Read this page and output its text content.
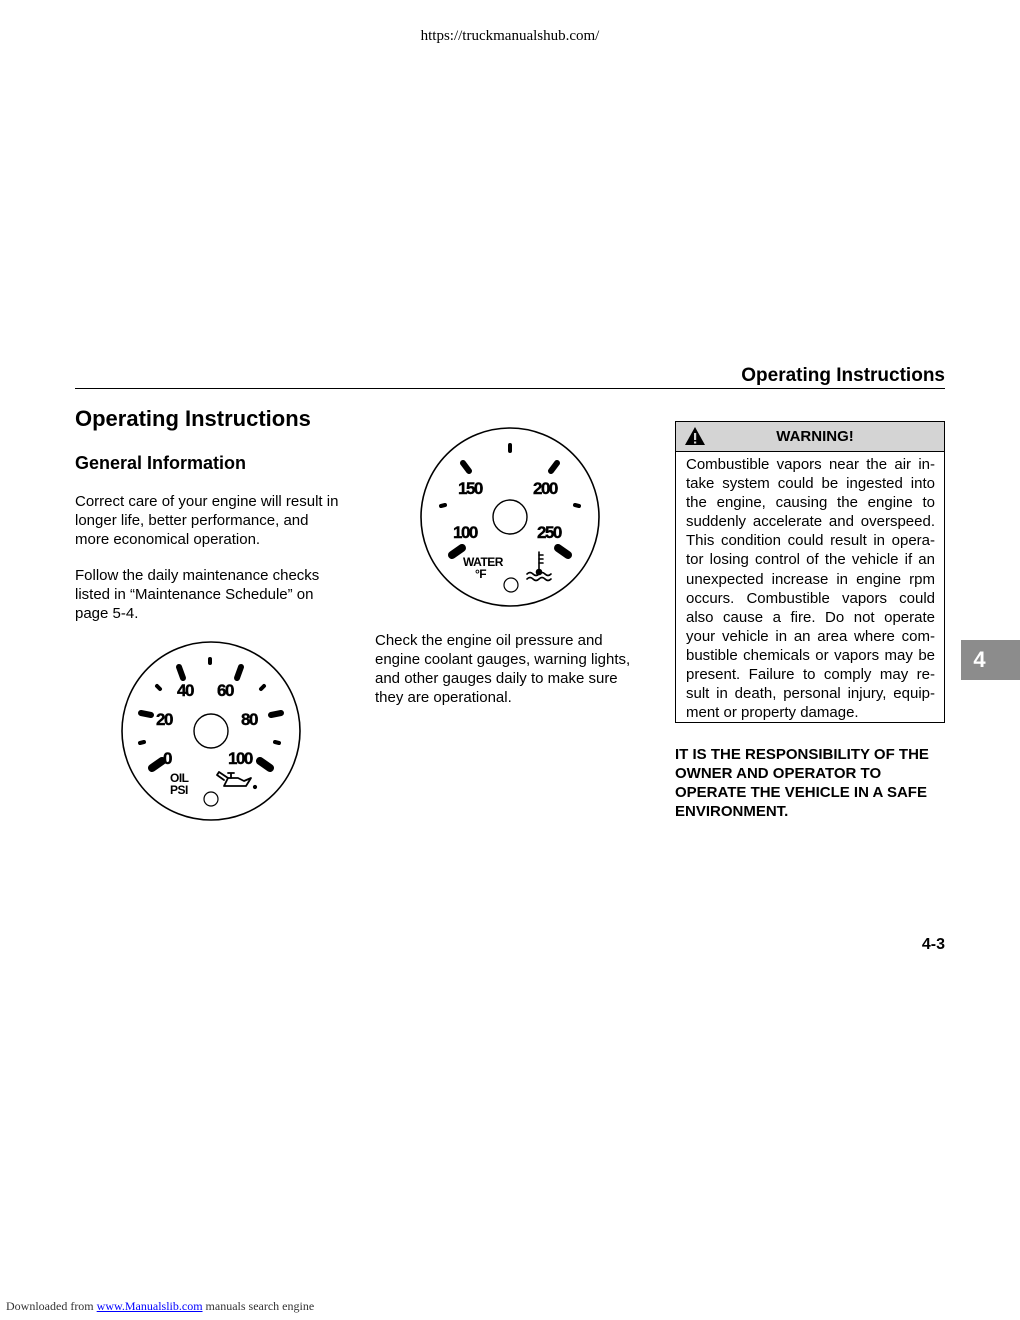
https://truckmanualshub.com/
Operating Instructions
Operating Instructions
General Information

Correct care of your engine will result in longer life, better performance, and more economical operation.

Follow the daily maintenance checks listed in “Maintenance Schedule” on page 5-4.

0
20
40 60
80
100
OIL
PSI
100
150	200
250
WATER
°F

Check the engine oil pressure and engine coolant gauges, warning lights, and other gauges daily to make sure they are operational.

WARNING!
Combustible vapors near the air in-take system could be ingested into the engine, causing the engine to suddenly accelerate and overspeed. This condition could result in opera-tor losing control of the vehicle if an unexpected increase in engine rpm occurs. Combustible vapors could also cause a fire. Do not operate your vehicle in an area where com-bustible chemicals or vapors may be present. Failure to comply may re-sult in death, personal injury, equip-ment or property damage.

IT IS THE RESPONSIBILITY OF THE OWNER AND OPERATOR TO OPERATE THE VEHICLE IN A SAFE ENVIRONMENT.

4-3
4
Downloaded from www.Manualslib.com manuals search engine
